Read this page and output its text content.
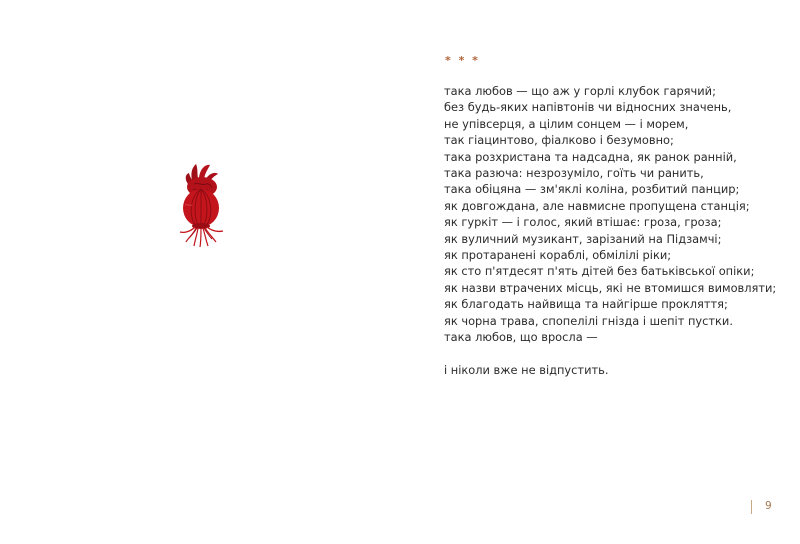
* * *
така любов — що аж у горлі клубок гарячий;
без будь-яких напівтонів чи відносних значень,
не упівсерця, а цілим сонцем — і морем,
так гіацинтово, фіалково і безумовно;
така розхристана та надсадна, як ранок ранній,
така разюча: незрозуміло, гоїть чи ранить,
така обіцяна — зм'яклі коліна, розбитий панцир;
як довгождана, але навмисне пропущена станція;
як гуркіт — і голос, який втішає: гроза, гроза;
як вуличний музикант, зарізаний на Підзамчі;
як протаранені кораблі, обмілілі ріки;
як сто п'ятдесят п'ять дітей без батьківської опіки;
як назви втрачених місць, які не втомишся вимовляти;
як благодать найвища та найгірше прокляття;
як чорна трава, спопелілі гнізда і шепіт пустки.
така любов, що вросла —
і ніколи вже не відпустить.
9
